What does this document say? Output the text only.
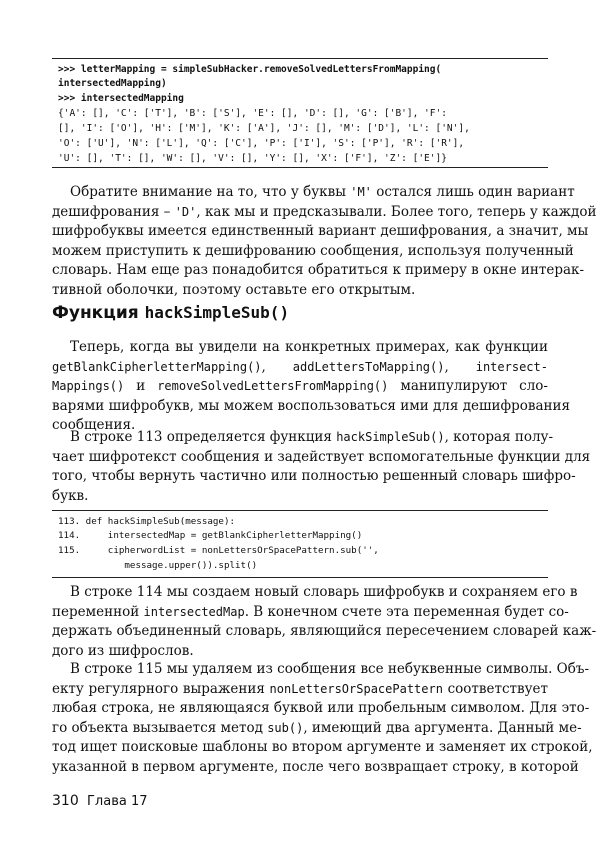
>>> letterMapping = simpleSubHacker.removeSolvedLettersFromMapping(
intersectedMapping)
>>> intersectedMapping
{'A': [], 'C': ['T'], 'B': ['S'], 'E': [], 'D': [], 'G': ['B'], 'F':
[], 'I': ['O'], 'H': ['M'], 'K': ['A'], 'J': [], 'M': ['D'], 'L': ['N'],
'O': ['U'], 'N': ['L'], 'Q': ['C'], 'P': ['I'], 'S': ['P'], 'R': ['R'],
'U': [], 'T': [], 'W': [], 'V': [], 'Y': [], 'X': ['F'], 'Z': ['E']}
Обратите внимание на то, что у буквы 'M' остался лишь один вариант
дешифрования – 'D', как мы и предсказывали. Более того, теперь у каждой
шифробуквы имеется единственный вариант дешифрования, а значит, мы
можем приступить к дешифрованию сообщения, используя полученный
словарь. Нам еще раз понадобится обратиться к примеру в окне интерак-
тивной оболочки, поэтому оставьте его открытым.
Функция hackSimpleSub()
Теперь, когда вы увидели на конкретных примерах, как функции
getBlankCipherletterMapping(), addLettersToMapping(), intersect-
Mappings() и removeSolvedLettersFromMapping() манипулируют сло-
варями шифробукв, мы можем воспользоваться ими для дешифрования
сообщения.
В строке 113 определяется функция hackSimpleSub(), которая полу-
чает шифротекст сообщения и задействует вспомогательные функции для
того, чтобы вернуть частично или полностью решенный словарь шифро-
букв.
113. def hackSimpleSub(message):
114.     intersectedMap = getBlankCipherletterMapping()
115.     cipherwordList = nonLettersOrSpacePattern.sub('',
message.upper()).split()
В строке 114 мы создаем новый словарь шифробукв и сохраняем его в
переменной intersectedMap. В конечном счете эта переменная будет со-
держать объединенный словарь, являющийся пересечением словарей каж-
дого из шифрослов.
В строке 115 мы удаляем из сообщения все небуквенные символы. Объ-
екту регулярного выражения nonLettersOrSpacePattern соответствует
любая строка, не являющаяся буквой или пробельным символом. Для это-
го объекта вызывается метод sub(), имеющий два аргумента. Данный ме-
тод ищет поисковые шаблоны во втором аргументе и заменяет их строкой,
указанной в первом аргументе, после чего возвращает строку, в которой
310 Глава 17
